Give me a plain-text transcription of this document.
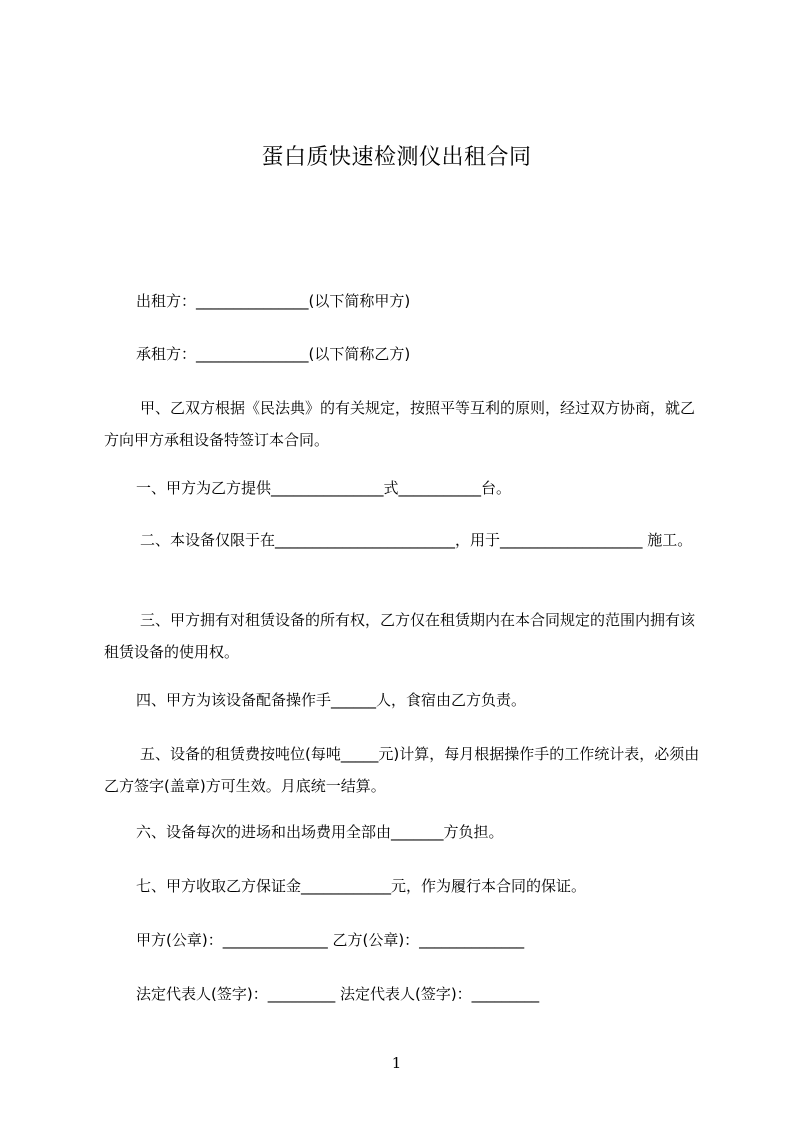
蛋白质快速检测仪出租合同

出租方：_______________(以下简称甲方)

承租方：_______________(以下简称乙方)

甲、乙双方根据《民法典》的有关规定，按照平等互利的原则，经过双方协商，就乙方向甲方承租设备特签订本合同。

一、甲方为乙方提供_______________式___________台。

二、本设备仅限于在________________________，用于___________________ 施工。

三、甲方拥有对租赁设备的所有权，乙方仅在租赁期内在本合同规定的范围内拥有该租赁设备的使用权。

四、甲方为该设备配备操作手______人，食宿由乙方负责。

五、设备的租赁费按吨位(每吨_____元)计算，每月根据操作手的工作统计表，必须由乙方签字(盖章)方可生效。月底统一结算。

六、设备每次的进场和出场费用全部由_______方负担。

七、甲方收取乙方保证金____________元，作为履行本合同的保证。

甲方(公章)：______________ 乙方(公章)：______________

法定代表人(签字)：_________ 法定代表人(签字)：_________

1
